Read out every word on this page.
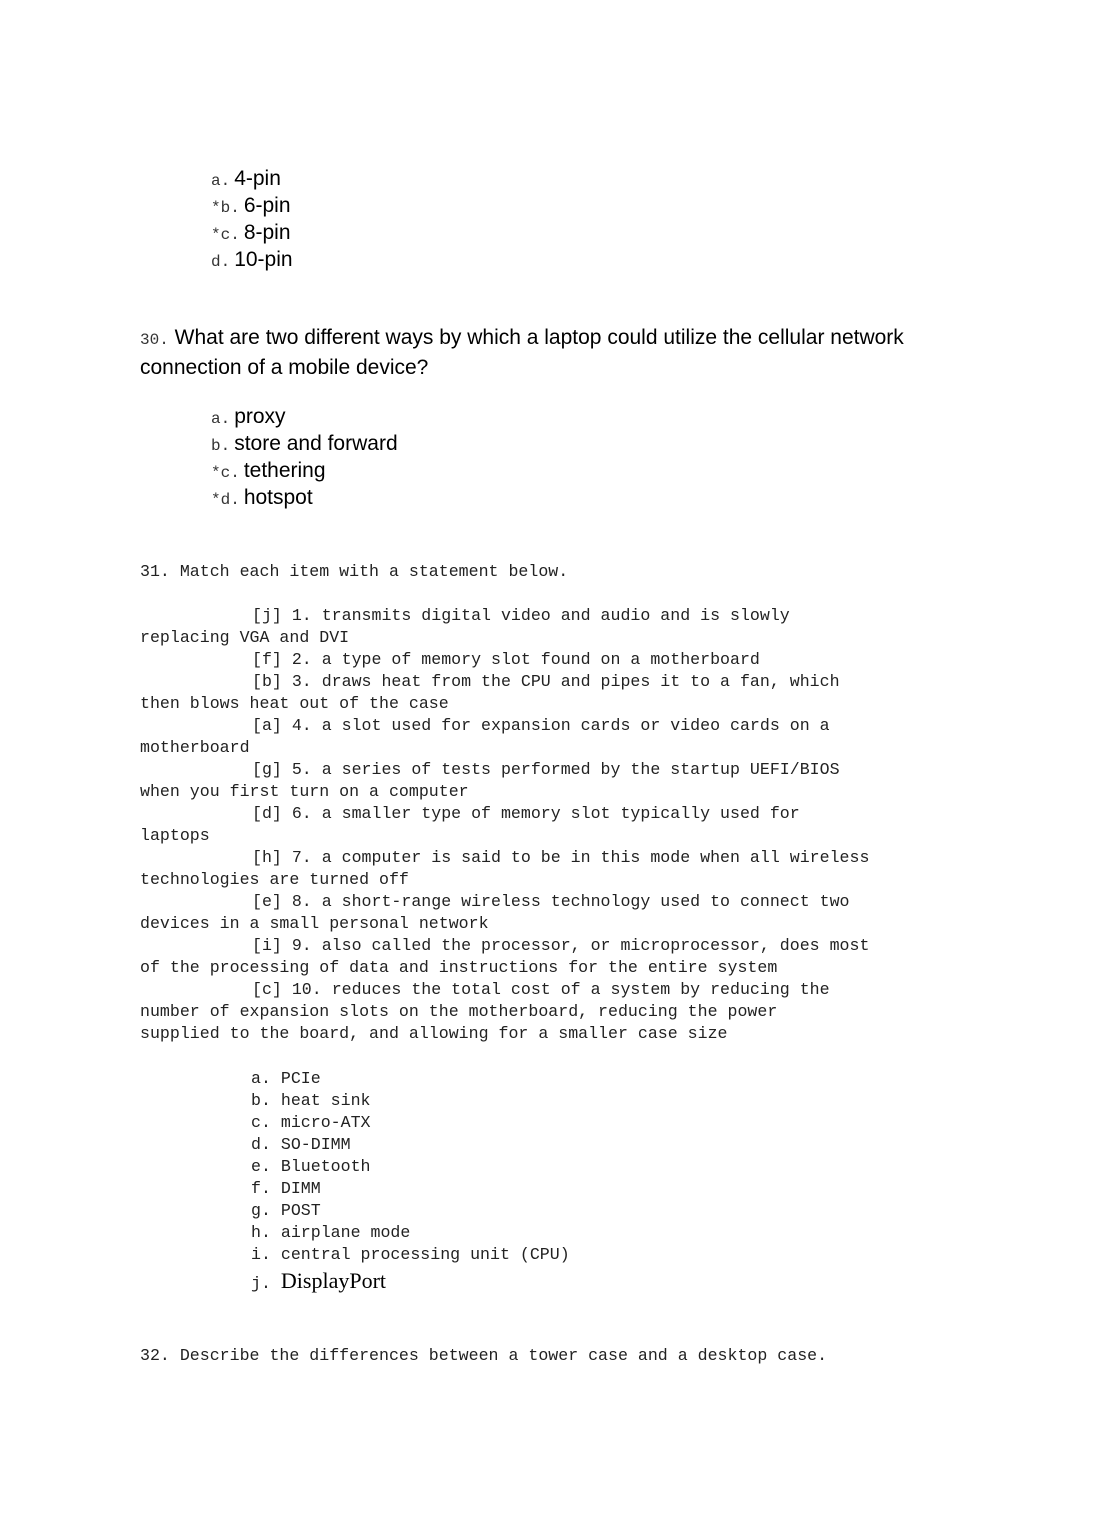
a. 4-pin
*b. 6-pin
*c. 8-pin
d. 10-pin

30. What are two different ways by which a laptop could utilize the cellular network connection of a mobile device?

a. proxy
b. store and forward
*c. tethering
*d. hotspot

31. Match each item with a statement below.

[j] 1. transmits digital video and audio and is slowly
replacing VGA and DVI
[f] 2. a type of memory slot found on a motherboard
[b] 3. draws heat from the CPU and pipes it to a fan, which
then blows heat out of the case
[a] 4. a slot used for expansion cards or video cards on a
motherboard
[g] 5. a series of tests performed by the startup UEFI/BIOS
when you first turn on a computer
[d] 6. a smaller type of memory slot typically used for
laptops
[h] 7. a computer is said to be in this mode when all wireless
technologies are turned off
[e] 8. a short-range wireless technology used to connect two
devices in a small personal network
[i] 9. also called the processor, or microprocessor, does most
of the processing of data and instructions for the entire system
[c] 10. reduces the total cost of a system by reducing the
number of expansion slots on the motherboard, reducing the power
supplied to the board, and allowing for a smaller case size
a. PCIe
b. heat sink
c. micro-ATX
d. SO-DIMM
e. Bluetooth
f. DIMM
g. POST
h. airplane mode
i. central processing unit (CPU)
j. DisplayPort

32. Describe the differences between a tower case and a desktop case.
